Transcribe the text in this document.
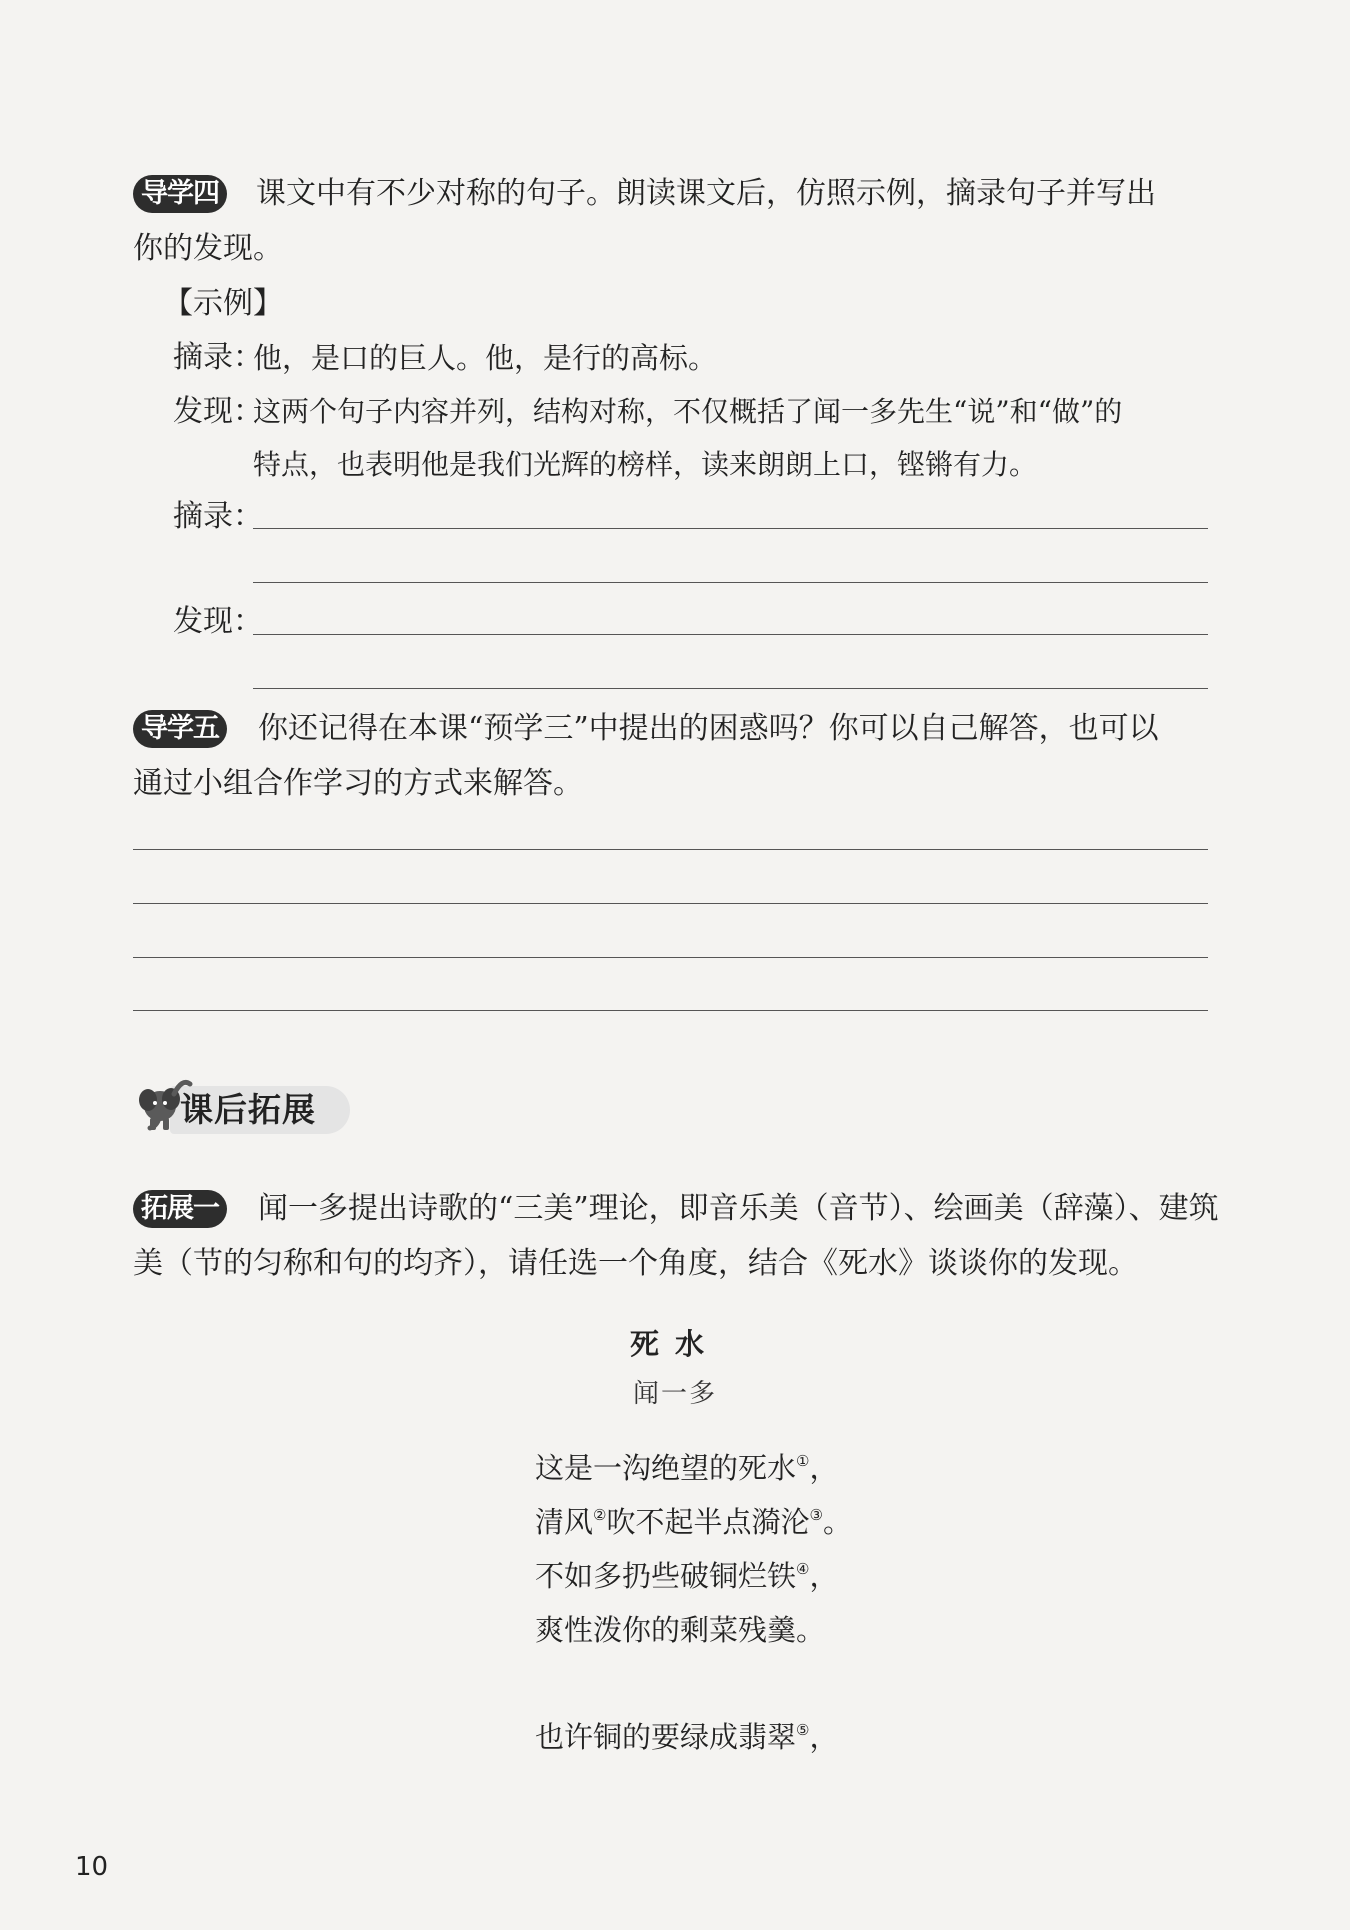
导学四 课文中有不少对称的句子。朗读课文后，仿照示例，摘录句子并写出
你的发现。
【示例】
摘录：
他，是口的巨人。他，是行的高标。
发现：
这两个句子内容并列，结构对称，不仅概括了闻一多先生“说”和“做”的
特点，也表明他是我们光辉的榜样，读来朗朗上口，铿锵有力。
摘录：
发现：
导学五 你还记得在本课“预学三”中提出的困惑吗？你可以自己解答，也可以
通过小组合作学习的方式来解答。
课后拓展
拓展一 闻一多提出诗歌的“三美”理论，即音乐美（音节）、绘画美（辞藻）、建筑
美（节的匀称和句的均齐），请任选一个角度，结合《死水》谈谈你的发现。
死水
闻一多
这是一沟绝望的死水①，
清风②吹不起半点漪沦③。
不如多扔些破铜烂铁④，
爽性泼你的剩菜残羹。
也许铜的要绿成翡翠⑤，
10
